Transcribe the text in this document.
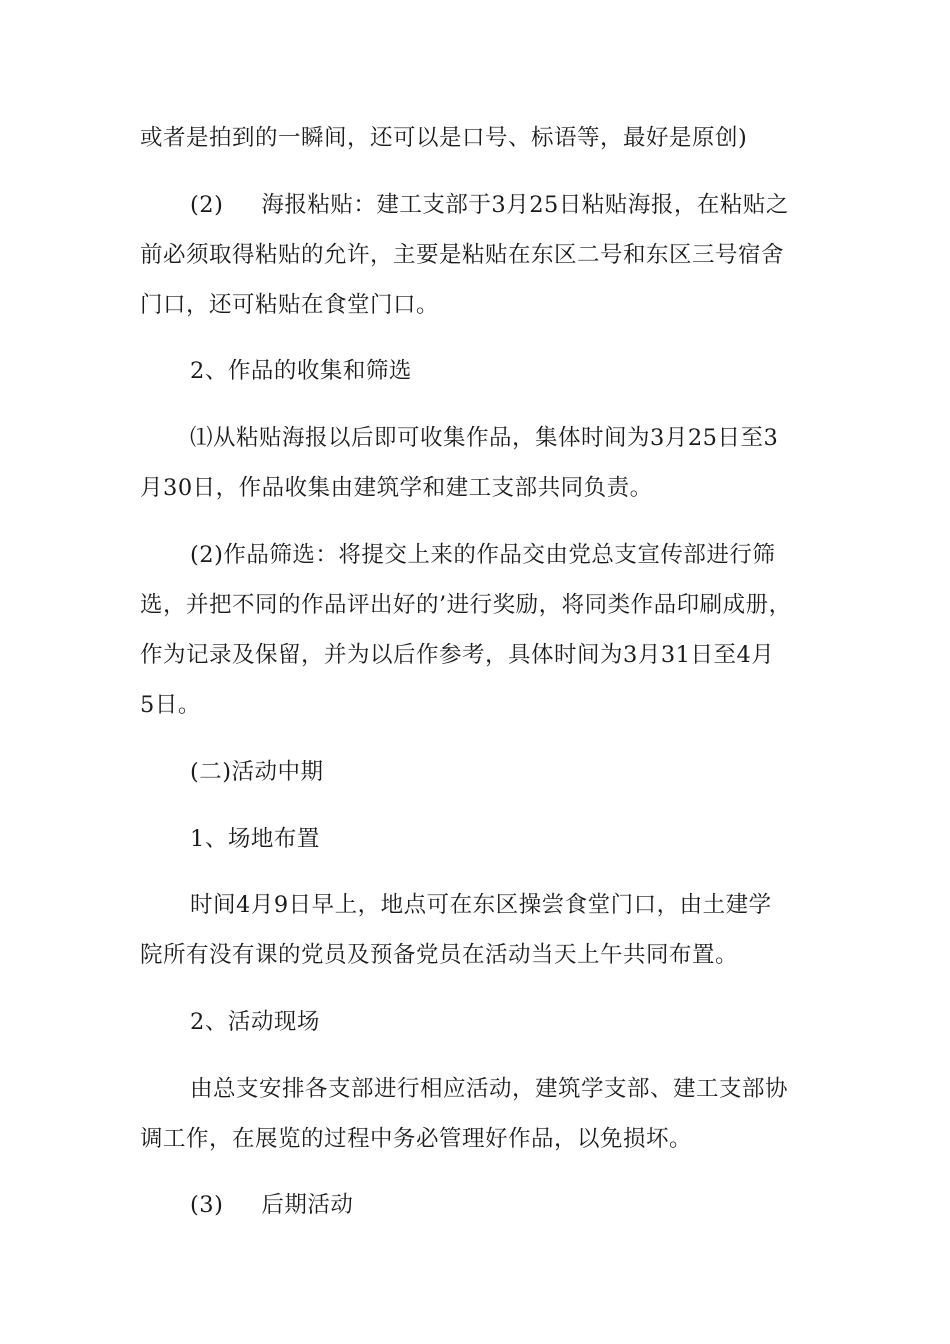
或者是拍到的一瞬间，还可以是口号、标语等，最好是原创)
(2) 海报粘贴：建工支部于3月25日粘贴海报，在粘贴之
前必须取得粘贴的允许，主要是粘贴在东区二号和东区三号宿舍
门口，还可粘贴在食堂门口。
2、作品的收集和筛选
⑴从粘贴海报以后即可收集作品，集体时间为3月25日至3
月30日，作品收集由建筑学和建工支部共同负责。
(2)作品筛选：将提交上来的作品交由党总支宣传部进行筛
选，并把不同的作品评出好的’进行奖励，将同类作品印刷成册，
作为记录及保留，并为以后作参考，具体时间为3月31日至4月
5日。
(二)活动中期
1、场地布置
时间4月9日早上，地点可在东区操尝食堂门口，由土建学
院所有没有课的党员及预备党员在活动当天上午共同布置。
2、活动现场
由总支安排各支部进行相应活动，建筑学支部、建工支部协
调工作，在展览的过程中务必管理好作品，以免损坏。
(3) 后期活动
